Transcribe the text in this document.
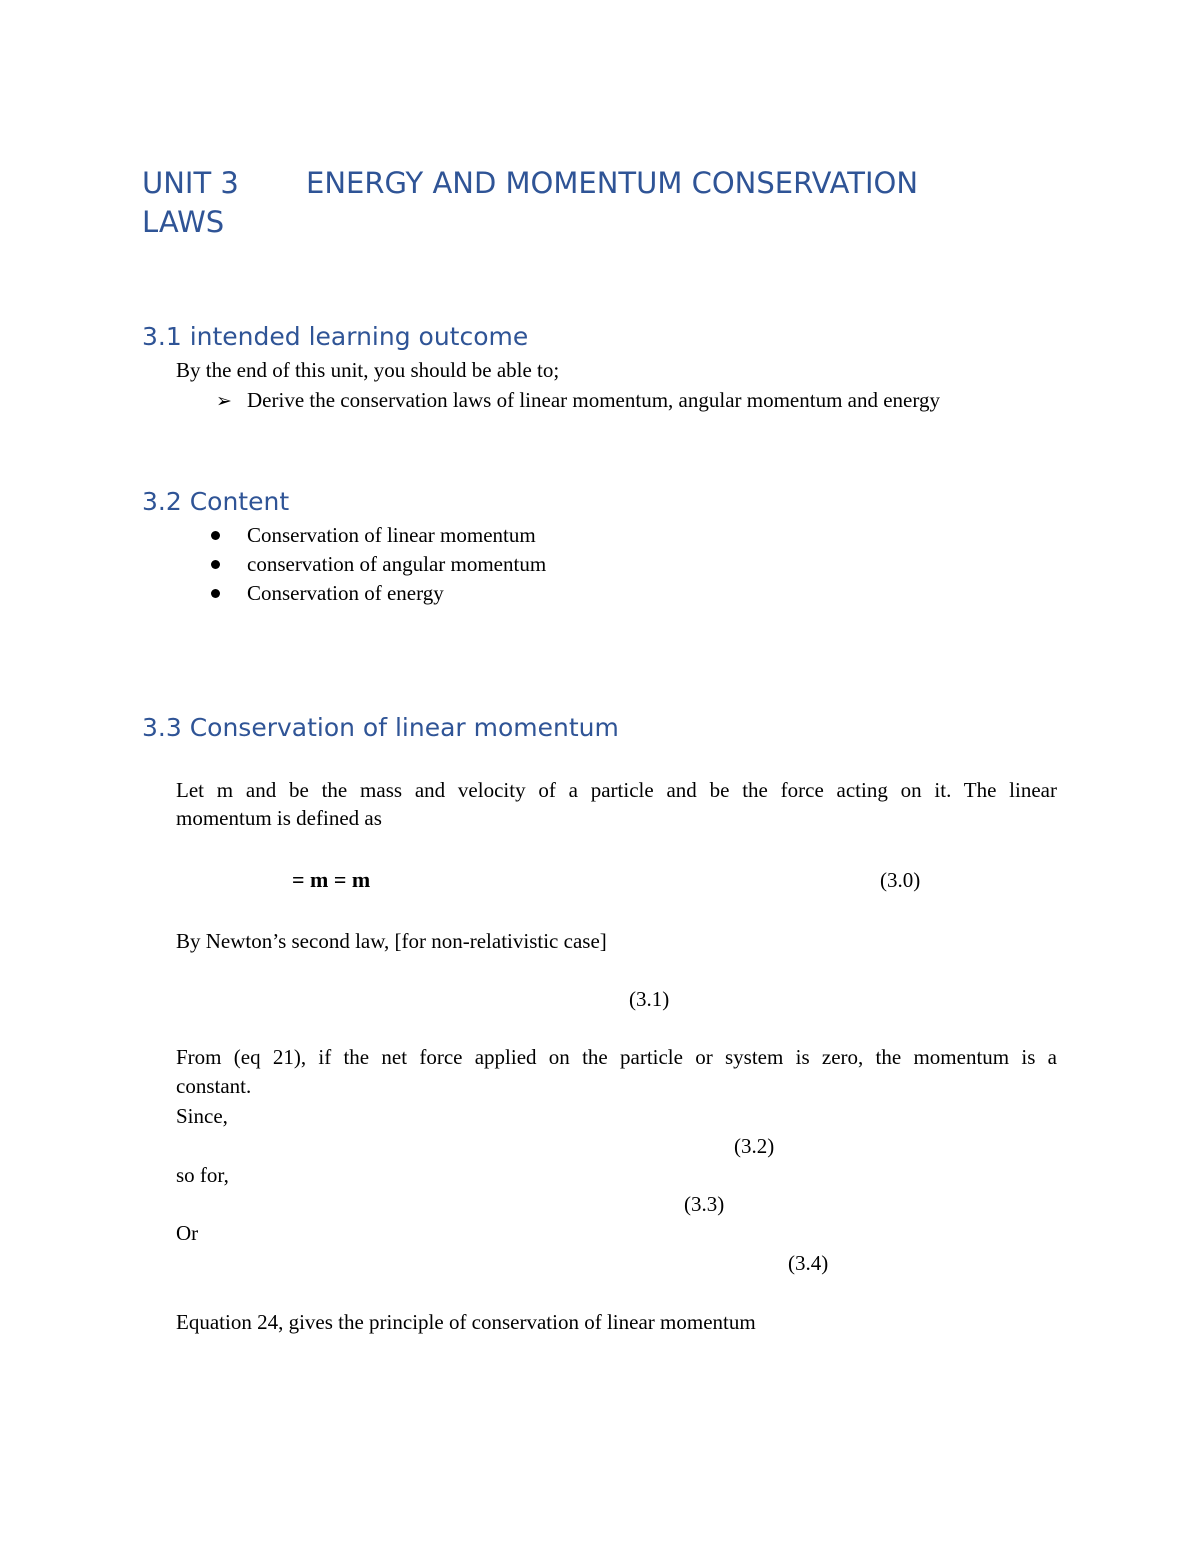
UNIT 3 ENERGY AND MOMENTUM CONSERVATION
LAWS
3.1 intended learning outcome
By the end of this unit, you should be able to;
➢ Derive the conservation laws of linear momentum, angular momentum and energy
3.2 Content
Conservation of linear momentum
conservation of angular momentum
Conservation of energy
3.3 Conservation of linear momentum
Let m and be the mass and velocity of a particle and be the force acting on it. The linear
momentum is defined as
= m = m	(3.0)
By Newton’s second law, [for non-relativistic case]
(3.1)
From (eq 21), if the net force applied on the particle or system is zero, the momentum is a
constant.
Since,
(3.2)
so for,
(3.3)
Or
(3.4)
Equation 24, gives the principle of conservation of linear momentum
